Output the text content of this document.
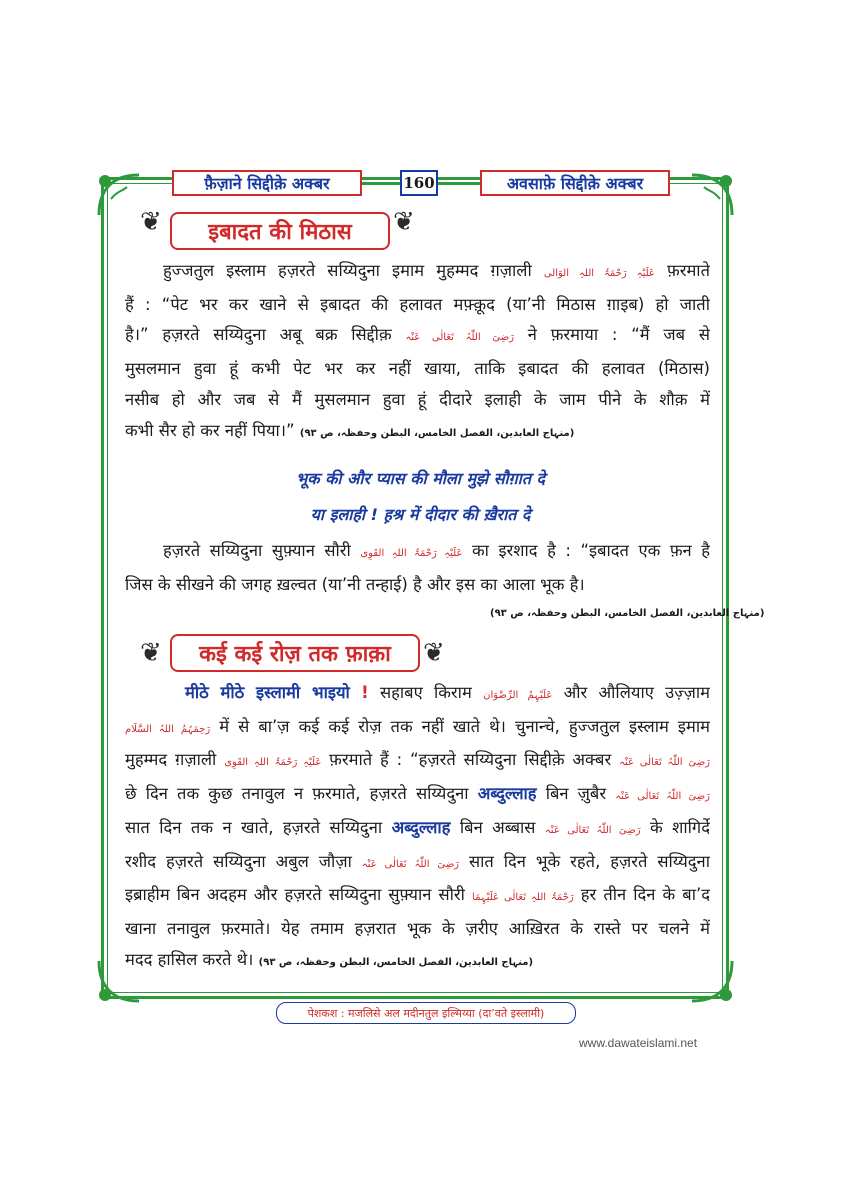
फ़ैज़ाने सिद्दीक़े अक्बर	160	अवसाफ़े सिद्दीक़े अक्बर
❦	इबादत की मिठास	❦
हुज्जतुल इस्लाम हज़रते सय्यिदुना इमाम मुहम्मद ग़ज़ाली عَلَیْہِ رَحْمَۃُ اللہِ الوَالی फ़रमाते
हैं : “पेट भर कर खाने से इबादत की हलावत मफ़्क़ूद (या’नी मिठास ग़ाइब) हो जाती
है।” हज़रते सय्यिदुना अबू बक्र सिद्दीक़ رَضِیَ اللّٰہُ تَعَالٰی عَنْہ ने फ़रमाया : “मैं जब से
मुसलमान हुवा हूं कभी पेट भर कर नहीं खाया, ताकि इबादत की हलावत (मिठास)
नसीब हो और जब से मैं मुसलमान हुवा हूं दीदारे इलाही के जाम पीने के शौक़ में
कभी सैर हो कर नहीं पिया।” (منہاج العابدین، الفصل الخامس، البطن وحفظہ، ص ٩٣)
भूक की और प्यास की मौला मुझे सौग़ात दे
या इलाही ! ह़श्र में दीदार की ख़ैरात दे
हज़रते सय्यिदुना सुफ़्यान सौरी عَلَیْہِ رَحْمَۃُ اللہِ القَوِی का इरशाद है : “इबादत एक फ़न है
जिस के सीखने की जगह ख़ल्वत (या’नी तन्हाई) है और इस का आला भूक है।
(منہاج العابدین، الفصل الخامس، البطن وحفظہ، ص ٩٣)
❦	कई कई रोज़ तक फ़ाक़ा	❦
मीठे मीठे इस्लामी भाइयो ! सहाबए किराम عَلَیْہِمُ الرِّضْوَان और औलियाए उज़्ज़ाम
رَحِمَہُمُ اللہُ السَّلَام में से बा’ज़ कई कई रोज़ तक नहीं खाते थे। चुनान्चे, हुज्जतुल इस्लाम इमाम
मुहम्मद ग़ज़ाली عَلَیْہِ رَحْمَۃُ اللہِ القَوِی फ़रमाते हैं : “हज़रते सय्यिदुना सिद्दीक़े अक्बर رَضِیَ اللّٰہُ تَعَالٰی عَنْہ
छे दिन तक कुछ तनावुल न फ़रमाते, हज़रते सय्यिदुना अब्दुल्लाह बिन ज़ुबैर رَضِیَ اللّٰہُ تَعَالٰی عَنْہ
सात दिन तक न खाते, हज़रते सय्यिदुना अब्दुल्लाह बिन अब्बास رَضِیَ اللّٰہُ تَعَالٰی عَنْہ के शागिर्दे
रशीद हज़रते सय्यिदुना अबुल जौज़ा رَضِیَ اللّٰہُ تَعَالٰی عَنْہ सात दिन भूके रहते, हज़रते सय्यिदुना
इब्राहीम बिन अदहम और हज़रते सय्यिदुना सुफ़्यान सौरी رَحْمَۃُ اللہِ تَعَالٰی عَلَیْہِمَا हर तीन दिन के बा’द
खाना तनावुल फ़रमाते। येह तमाम हज़रात भूक के ज़रीए आख़िरत के रास्ते पर चलने में
मदद हासिल करते थे। (منہاج العابدین، الفصل الخامس، البطن وحفظہ، ص ٩٣)
पेशकश : मजलिसे अल मदीनतुल इल्मिय्या (दा’वते इस्लामी)
www.dawateislami.net
